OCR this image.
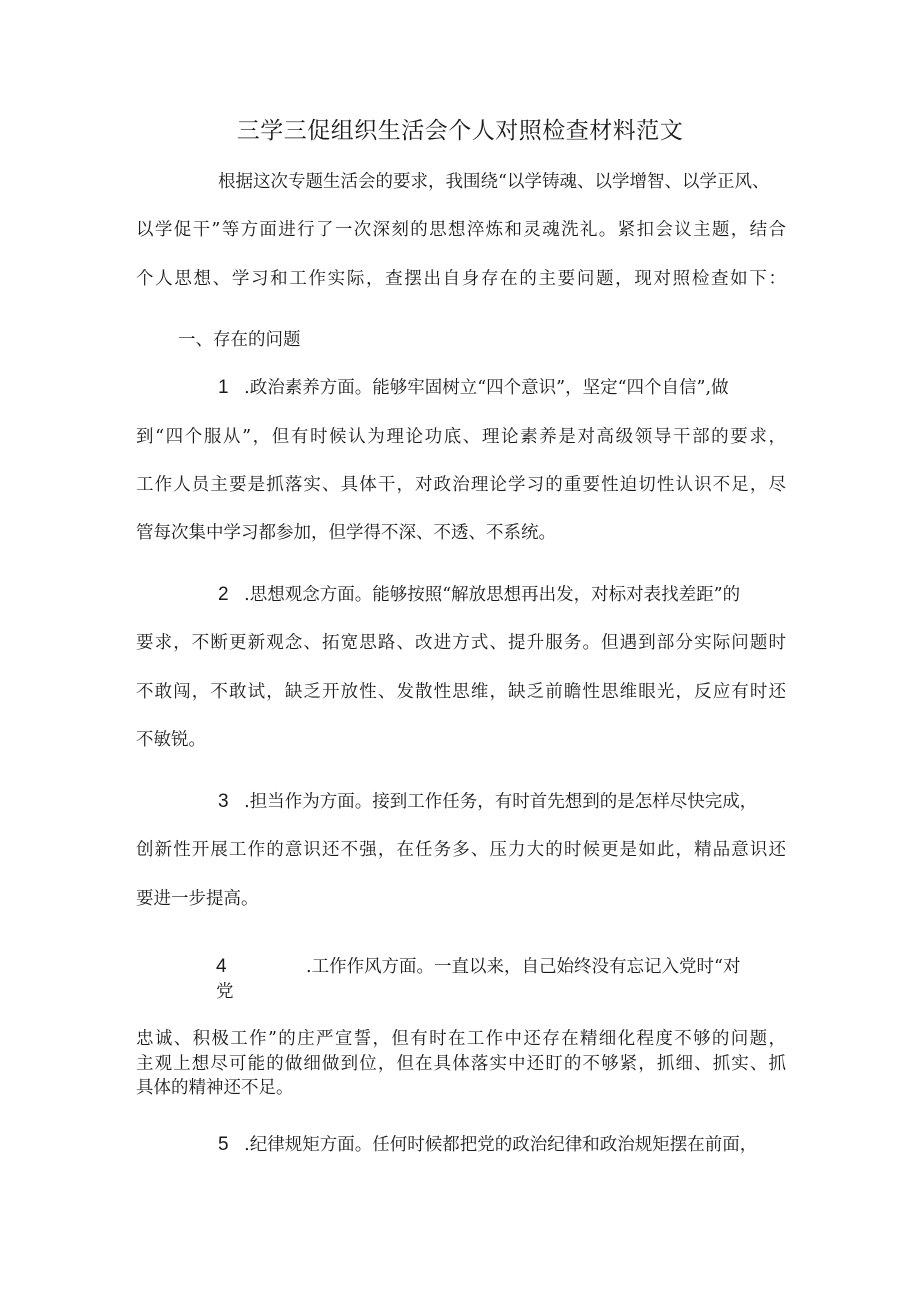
三学三促组织生活会个人对照检查材料范文
根据这次专题生活会的要求，我围绕“以学铸魂、以学增智、以学正风、
以学促干”等方面进行了一次深刻的思想淬炼和灵魂洗礼。紧扣会议主题，结合
个人思想、学习和工作实际，查摆出自身存在的主要问题，现对照检查如下：
一、存在的问题
1 .政治素养方面。能够牢固树立“四个意识”，坚定“四个自信”,做
到“四个服从”，但有时候认为理论功底、理论素养是对高级领导干部的要求，
工作人员主要是抓落实、具体干，对政治理论学习的重要性迫切性认识不足，尽
管每次集中学习都参加，但学得不深、不透、不系统。
2 .思想观念方面。能够按照“解放思想再出发，对标对表找差距”的
要求，不断更新观念、拓宽思路、改进方式、提升服务。但遇到部分实际问题时
不敢闯，不敢试，缺乏开放性、发散性思维，缺乏前瞻性思维眼光，反应有时还
不敏锐。
3 .担当作为方面。接到工作任务，有时首先想到的是怎样尽快完成，
创新性开展工作的意识还不强，在任务多、压力大的时候更是如此，精品意识还
要进一步提高。
4	.工作作风方面。一直以来，自己始终没有忘记入党时“对
党
忠诚、积极工作”的庄严宣誓，但有时在工作中还存在精细化程度不够的问题，
主观上想尽可能的做细做到位，但在具体落实中还盯的不够紧，抓细、抓实、抓
具体的精神还不足。
5 .纪律规矩方面。任何时候都把党的政治纪律和政治规矩摆在前面，
